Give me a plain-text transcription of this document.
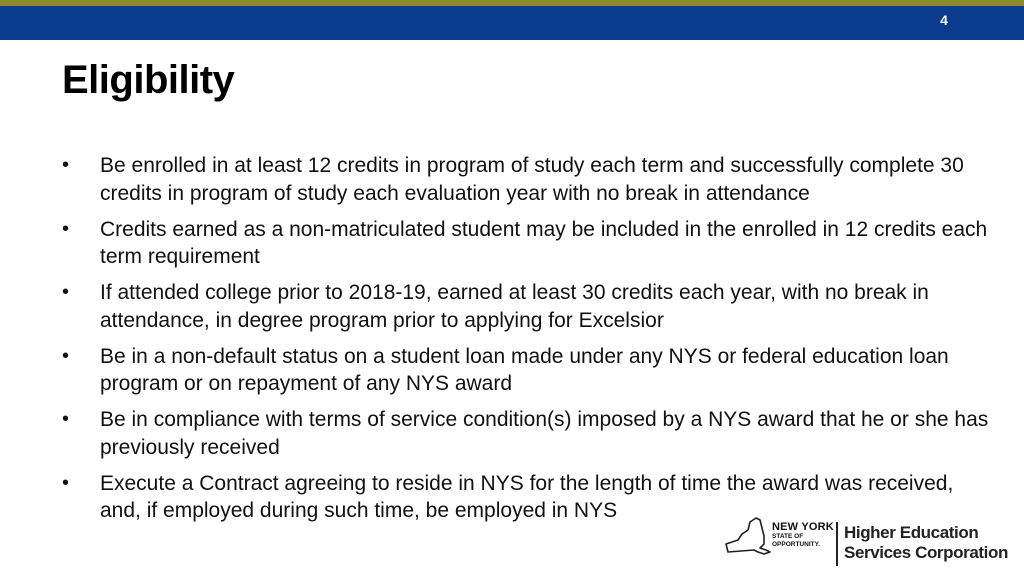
4
Eligibility
• Be enrolled in at least 12 credits in program of study each term and successfully complete 30 credits in program of study each evaluation year with no break in attendance
• Credits earned as a non-matriculated student may be included in the enrolled in 12 credits each term requirement
• If attended college prior to 2018-19, earned at least 30 credits each year, with no break in attendance, in degree program prior to applying for Excelsior
• Be in a non-default status on a student loan made under any NYS or federal education loan program or on repayment of any NYS award
• Be in compliance with terms of service condition(s) imposed by a NYS award that he or she has previously received
• Execute a Contract agreeing to reside in NYS for the length of time the award was received, and, if employed during such time, be employed in NYS
NEW YORK
STATE OF
OPPORTUNITY.
Higher Education
Services Corporation
